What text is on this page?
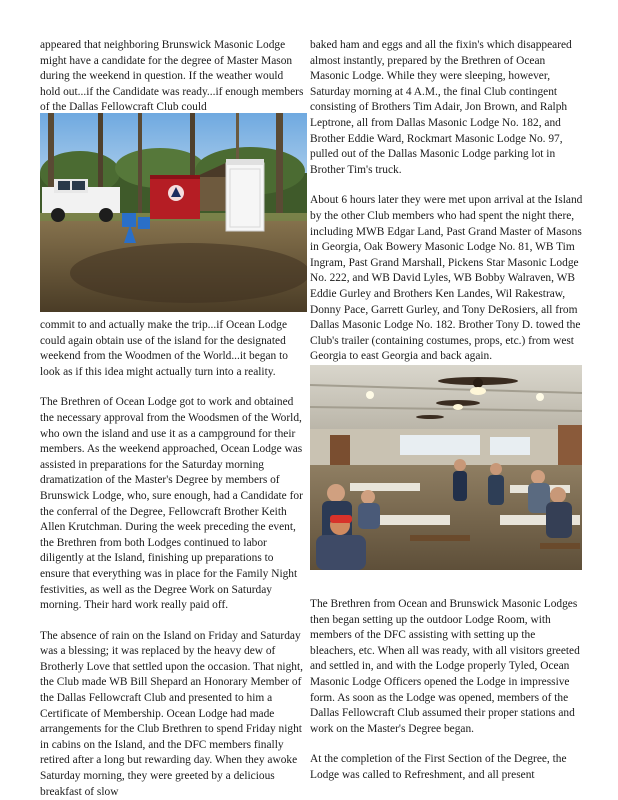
appeared that neighboring Brunswick Masonic Lodge might have a candidate for the degree of Master Mason during the weekend in question. If the weather would hold out...if the Candidate was ready...if enough members of the Dallas Fellowcraft Club could

commit to and actually make the trip...if Ocean Lodge could again obtain use of the island for the designated weekend from the Woodmen of the World...it began to look as if this idea might actually turn into a reality.

The Brethren of Ocean Lodge got to work and obtained the necessary approval from the Woodsmen of the World, who own the island and use it as a campground for their members. As the weekend approached, Ocean Lodge was assisted in preparations for the Saturday morning dramatization of the Master's Degree by members of Brunswick Lodge, who, sure enough, had a Candidate for the conferral of the Degree, Fellowcraft Brother Keith Allen Krutchman. During the week preceding the event, the Brethren from both Lodges continued to labor diligently at the Island, finishing up preparations to ensure that everything was in place for the Family Night festivities, as well as the Degree Work on Saturday morning. Their hard work really paid off.

The absence of rain on the Island on Friday and Saturday was a blessing; it was replaced by the heavy dew of Brotherly Love that settled upon the occasion. That night, the Club made WB Bill Shepard an Honorary Member of the Dallas Fellowcraft Club and presented to him a Certificate of Membership. Ocean Lodge had made arrangements for the Club Brethren to spend Friday night in cabins on the Island, and the DFC members finally retired after a long but rewarding day. When they awoke Saturday morning, they were greeted by a delicious breakfast of slow

baked ham and eggs and all the fixin's which disappeared almost instantly, prepared by the Brethren of Ocean Masonic Lodge. While they were sleeping, however, Saturday morning at 4 A.M., the final Club contingent consisting of Brothers Tim Adair, Jon Brown, and Ralph Leptrone, all from Dallas Masonic Lodge No. 182, and Brother Eddie Ward, Rockmart Masonic Lodge No. 97, pulled out of the Dallas Masonic Lodge parking lot in Brother Tim's truck.

About 6 hours later they were met upon arrival at the Island by the other Club members who had spent the night there, including MWB Edgar Land, Past Grand Master of Masons in Georgia, Oak Bowery Masonic Lodge No. 81, WB Tim Ingram, Past Grand Marshall, Pickens Star Masonic Lodge No. 222, and WB David Lyles, WB Bobby Walraven, WB Eddie Gurley and Brothers Ken Landes, Wil Rakestraw, Donny Pace, Garrett Gurley, and Tony DeRosiers, all from Dallas Masonic Lodge No. 182. Brother Tony D. towed the Club's trailer (containing costumes, props, etc.) from west Georgia to east Georgia and back again.

The Brethren from Ocean and Brunswick Masonic Lodges then began setting up the outdoor Lodge Room, with members of the DFC assisting with setting up the bleachers, etc. When all was ready, with all visitors greeted and settled in, and with the Lodge properly Tyled, Ocean Masonic Lodge Officers opened the Lodge in impressive form. As soon as the Lodge was opened, members of the Dallas Fellowcraft Club assumed their proper stations and work on the Master's Degree began.

At the completion of the First Section of the Degree, the Lodge was called to Refreshment, and all present
